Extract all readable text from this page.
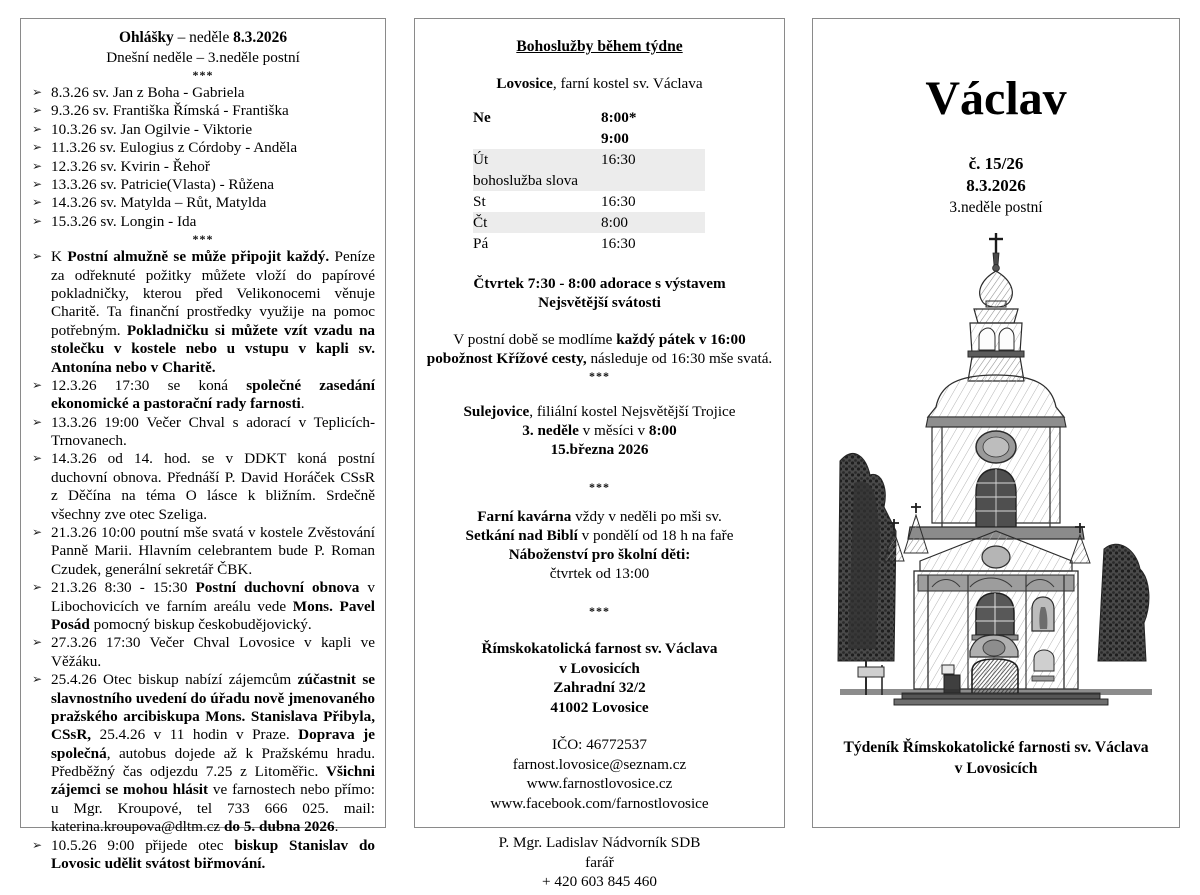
Ohlášky – neděle 8.3.2026
Dnešní neděle – 3.neděle postní
***
➢ 8.3.26 sv. Jan z Boha - Gabriela
➢ 9.3.26 sv. Františka Římská - Františka
➢ 10.3.26 sv. Jan Ogilvie - Viktorie
➢ 11.3.26 sv. Eulogius z Córdoby - Anděla
➢ 12.3.26 sv. Kvirin - Řehoř
➢ 13.3.26 sv. Patricie(Vlasta) - Růžena
➢ 14.3.26 sv. Matylda – Růt, Matylda
➢ 15.3.26 sv. Longin - Ida
***
➢ K Postní almužně se může připojit každý. Peníze za odřeknuté požitky můžete vloží do papírové pokladničky, kterou před Velikonocemi věnuje Charitě. Ta finanční prostředky využije na pomoc potřebným. Pokladničku si můžete vzít vzadu na stolečku v kostele nebo u vstupu v kapli sv. Antonína nebo v Charitě.
➢ 12.3.26 17:30 se koná společné zasedání ekonomické a pastorační rady farnosti.
➢ 13.3.26 19:00 Večer Chval s adorací v Teplicích-Trnovanech.
➢ 14.3.26 od 14. hod. se v DDKT koná postní duchovní obnova. Přednáší P. David Horáček CSsR z Děčína na téma O lásce k bližním. Srdečně všechny zve otec Szeliga.
➢ 21.3.26 10:00 poutní mše svatá v kostele Zvěstování Panně Marii. Hlavním celebrantem bude P. Roman Czudek, generální sekretář ČBK.
➢ 21.3.26 8:30 - 15:30 Postní duchovní obnova v Libochovicích ve farním areálu vede Mons. Pavel Posád pomocný biskup českobudějovický.
➢ 27.3.26 17:30 Večer Chval Lovosice v kapli ve Věžáku.
➢ 25.4.26 Otec biskup nabízí zájemcům zúčastnit se slavnostního uvedení do úřadu nově jmenovaného pražského arcibiskupa Mons. Stanislava Přibyla, CSsR, 25.4.26 v 11 hodin v Praze. Doprava je společná, autobus dojede až k Pražskému hradu. Předběžný čas odjezdu 7.25 z Litoměřic. Všichni zájemci se mohou hlásit ve farnostech nebo přímo: u Mgr. Kroupové, tel 733 666 025. mail: katerina.kroupova@dltm.cz do 5. dubna 2026.
➢ 10.5.26 9:00 přijede otec biskup Stanislav do Lovosic udělit svátost biřmování.
Bohoslužby během týdne
Lovosice, farní kostel sv. Václava
Ne	8:00*
	9:00
Út	16:30
bohoslužba slova	
St	16:30
Čt	8:00
Pá	16:30
Čtvrtek 7:30 - 8:00 adorace s výstavem
Nejsvětější svátosti
V postní době se modlíme každý pátek v 16:00 pobožnost Křížové cesty, následuje od 16:30 mše svatá.
***
Sulejovice, filiální kostel Nejsvětější Trojice
3. neděle v měsíci v 8:00
15.března 2026
***
Farní kavárna vždy v neděli po mši sv.
Setkání nad Biblí v pondělí od 18 h na faře
Náboženství pro školní děti:
čtvrtek od 13:00
***
Římskokatolická farnost sv. Václava
v Lovosicích
Zahradní 32/2
41002 Lovosice
IČO: 46772537
farnost.lovosice@seznam.cz
www.farnostlovosice.cz
www.facebook.com/farnostlovosice
P. Mgr. Ladislav Nádvorník SDB
farář
+ 420 603 845 460
Václav
č. 15/26
8.3.2026
3.neděle postní
Týdeník Římskokatolické farnosti sv. Václava
v Lovosicích
